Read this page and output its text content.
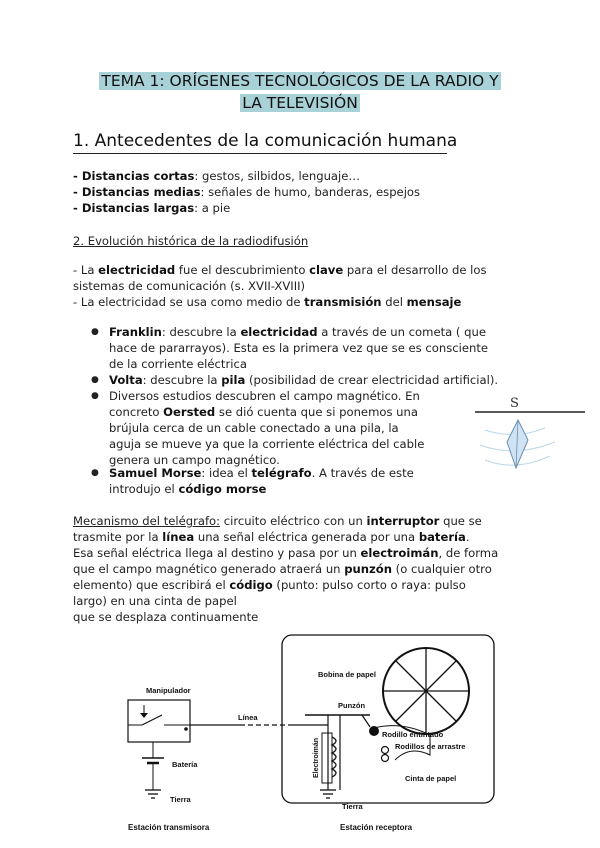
TEMA 1: ORÍGENES TECNOLÓGICOS DE LA RADIO Y
LA TELEVISIÓN
1. Antecedentes de la comunicación humana
- Distancias cortas: gestos, silbidos, lenguaje…
- Distancias medias: señales de humo, banderas, espejos
- Distancias largas: a pie
2. Evolución histórica de la radiodifusión
- La electricidad fue el descubrimiento clave para el desarrollo de los
sistemas de comunicación (s. XVII-XVIII)
- La electricidad se usa como medio de transmisión del mensaje
● Franklin: descubre la electricidad a través de un cometa ( que
hace de pararrayos). Esta es la primera vez que se es consciente
de la corriente eléctrica
● Volta: descubre la pila (posibilidad de crear electricidad artificial).
● Diversos estudios descubren el campo magnético. En
concreto Oersted se dió cuenta que si ponemos una
brújula cerca de un cable conectado a una pila, la
aguja se mueve ya que la corriente eléctrica del cable
genera un campo magnético.
● Samuel Morse: idea el telégrafo. A través de este
introdujo el código morse
S
Mecanismo del telégrafo: circuito eléctrico con un interruptor que se
trasmite por la línea una señal eléctrica generada por una batería.
Esa señal eléctrica llega al destino y pasa por un electroimán, de forma
que el campo magnético generado atraerá un punzón (o cualquier otro
elemento) que escribirá el código (punto: pulso corto o raya: pulso
largo) en una cinta de papel
que se desplaza continuamente
Manipulador
Batería
Tierra
Estación transmisora
Línea
Bobina de papel
Punzón
Rodillo entintado
Rodillos de arrastre
Cinta de papel
Electroimán
Tierra
Estación receptora
